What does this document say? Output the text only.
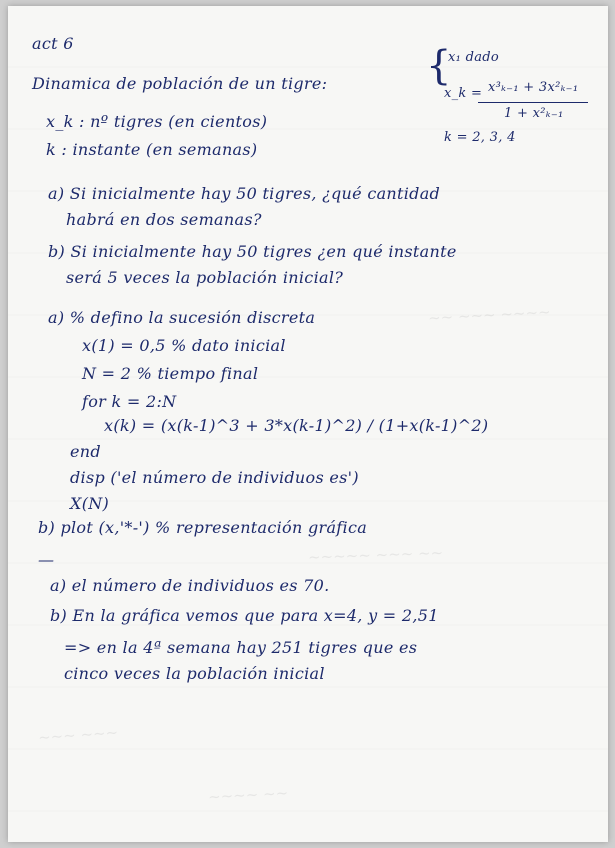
~~ ~~~ ~~~~
~~~~~ ~~~ ~~
~~~ ~~~
~~~~ ~~
act 6
Dinamica de población de un tigre: {
x₁ dado
x_k = x³ₖ₋₁ + 3x²ₖ₋₁
1 + x²ₖ₋₁
k = 2, 3, 4
x_k : nº tigres (en cientos)
k : instante (en semanas)
a) Si inicialmente hay 50 tigres, ¿qué cantidad
habrá en dos semanas?
b) Si inicialmente hay 50 tigres ¿en qué instante
será 5 veces la población inicial?
a) % defino la sucesión discreta
x(1) = 0,5 % dato inicial
N = 2 % tiempo final
for k = 2:N
x(k) = (x(k-1)^3 + 3*x(k-1)^2) / (1+x(k-1)^2)
end
disp ('el número de individuos es')
X(N)
b) plot (x,'*-') % representación gráfica
—
a) el número de individuos es 70.
b) En la gráfica vemos que para x=4, y = 2,51
=> en la 4ª semana hay 251 tigres que es
cinco veces la población inicial
